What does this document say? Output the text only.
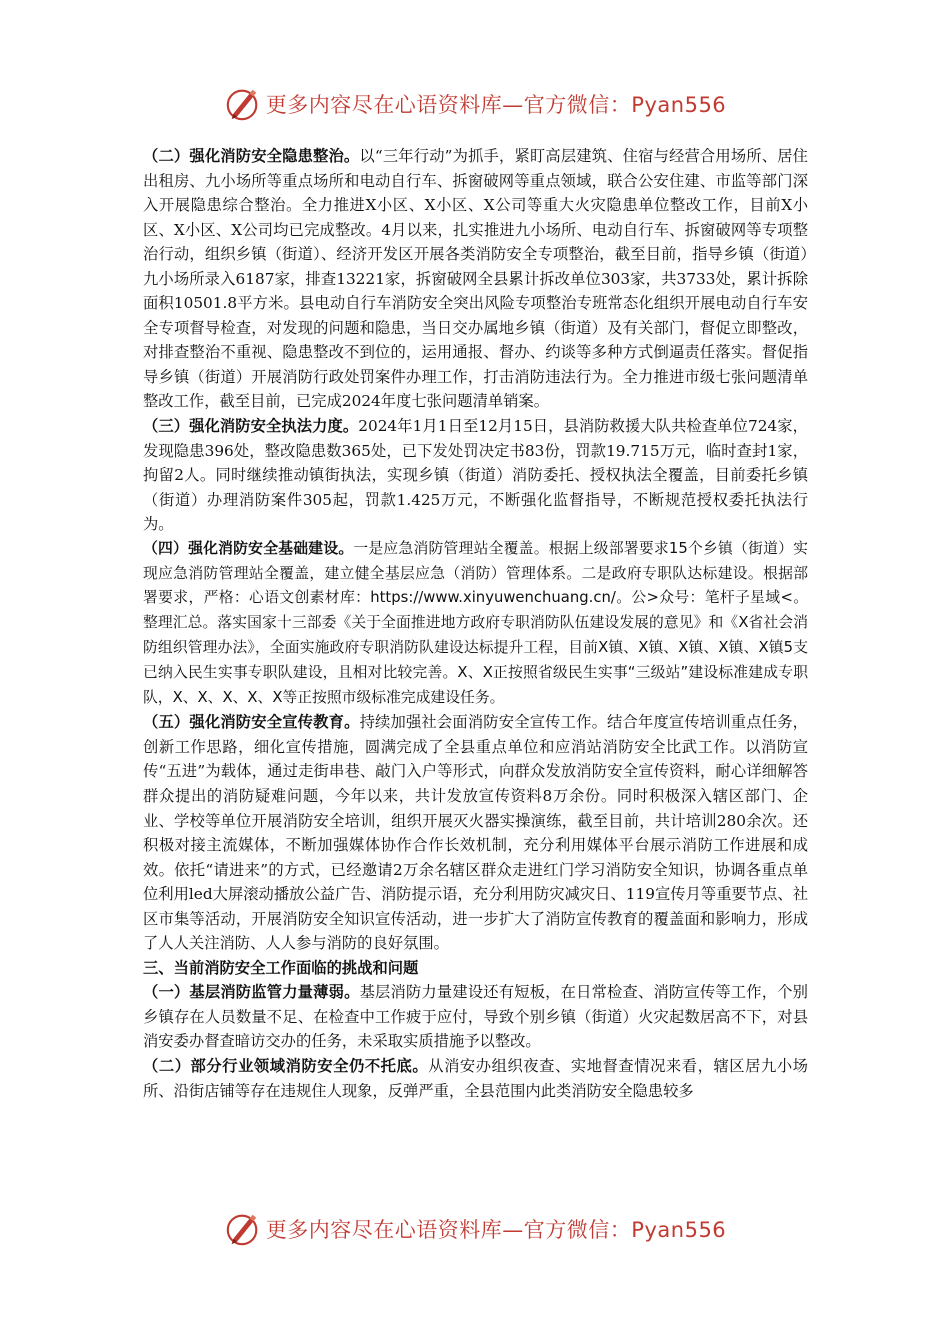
更多内容尽在心语资料库—官方微信：Pyan556

（二）强化消防安全隐患整治。以“三年行动”为抓手，紧盯高层建筑、住宿与经营合用场所、居住出租房、九小场所等重点场所和电动自行车、拆窗破网等重点领域，联合公安住建、市监等部门深入开展隐患综合整治。全力推进X小区、X小区、X公司等重大火灾隐患单位整改工作，目前X小区、X小区、X公司均已完成整改。4月以来，扎实推进九小场所、电动自行车、拆窗破网等专项整治行动，组织乡镇（街道）、经济开发区开展各类消防安全专项整治，截至目前，指导乡镇（街道）九小场所录入6187家，排查13221家，拆窗破网全县累计拆改单位303家，共3733处，累计拆除面积10501.8平方米。县电动自行车消防安全突出风险专项整治专班常态化组织开展电动自行车安全专项督导检查，对发现的问题和隐患，当日交办属地乡镇（街道）及有关部门，督促立即整改，对排查整治不重视、隐患整改不到位的，运用通报、督办、约谈等多种方式倒逼责任落实。督促指导乡镇（街道）开展消防行政处罚案件办理工作，打击消防违法行为。全力推进市级七张问题清单整改工作，截至目前，已完成2024年度七张问题清单销案。

（三）强化消防安全执法力度。2024年1月1日至12月15日，县消防救援大队共检查单位724家，发现隐患396处，整改隐患数365处，已下发处罚决定书83份，罚款19.715万元，临时查封1家，拘留2人。同时继续推动镇街执法，实现乡镇（街道）消防委托、授权执法全覆盖，目前委托乡镇（街道）办理消防案件305起，罚款1.425万元，不断强化监督指导，不断规范授权委托执法行为。

（四）强化消防安全基础建设。一是应急消防管理站全覆盖。根据上级部署要求15个乡镇（街道）实现应急消防管理站全覆盖，建立健全基层应急（消防）管理体系。二是政府专职队达标建设。根据部署要求，严格：心语文创素材库：https://www.xinyuwenchuang.cn/。公>众号：笔杆子星域<。整理汇总。落实国家十三部委《关于全面推进地方政府专职消防队伍建设发展的意见》和《X省社会消防组织管理办法》，全面实施政府专职消防队建设达标提升工程，目前X镇、X镇、X镇、X镇、X镇5支已纳入民生实事专职队建设，且相对比较完善。X、X正按照省级民生实事“三级站”建设标准建成专职队，X、X、X、X、X等正按照市级标准完成建设任务。

（五）强化消防安全宣传教育。持续加强社会面消防安全宣传工作。结合年度宣传培训重点任务，创新工作思路，细化宣传措施，圆满完成了全县重点单位和应消站消防安全比武工作。以消防宣传“五进”为载体，通过走街串巷、敲门入户等形式，向群众发放消防安全宣传资料，耐心详细解答群众提出的消防疑难问题，今年以来，共计发放宣传资料8万余份。同时积极深入辖区部门、企业、学校等单位开展消防安全培训，组织开展灭火器实操演练，截至目前，共计培训280余次。还积极对接主流媒体，不断加强媒体协作合作长效机制，充分利用媒体平台展示消防工作进展和成效。依托“请进来”的方式，已经邀请2万余名辖区群众走进红门学习消防安全知识，协调各重点单位利用led大屏滚动播放公益广告、消防提示语，充分利用防灾减灾日、119宣传月等重要节点、社区市集等活动，开展消防安全知识宣传活动，进一步扩大了消防宣传教育的覆盖面和影响力，形成了人人关注消防、人人参与消防的良好氛围。

三、当前消防安全工作面临的挑战和问题

（一）基层消防监管力量薄弱。基层消防力量建设还有短板，在日常检查、消防宣传等工作，个别乡镇存在人员数量不足、在检查中工作疲于应付，导致个别乡镇（街道）火灾起数居高不下，对县消安委办督查暗访交办的任务，未采取实质措施予以整改。

（二）部分行业领域消防安全仍不托底。从消安办组织夜查、实地督查情况来看，辖区居九小场所、沿街店铺等存在违规住人现象，反弹严重，全县范围内此类消防安全隐患较多

更多内容尽在心语资料库—官方微信：Pyan556
